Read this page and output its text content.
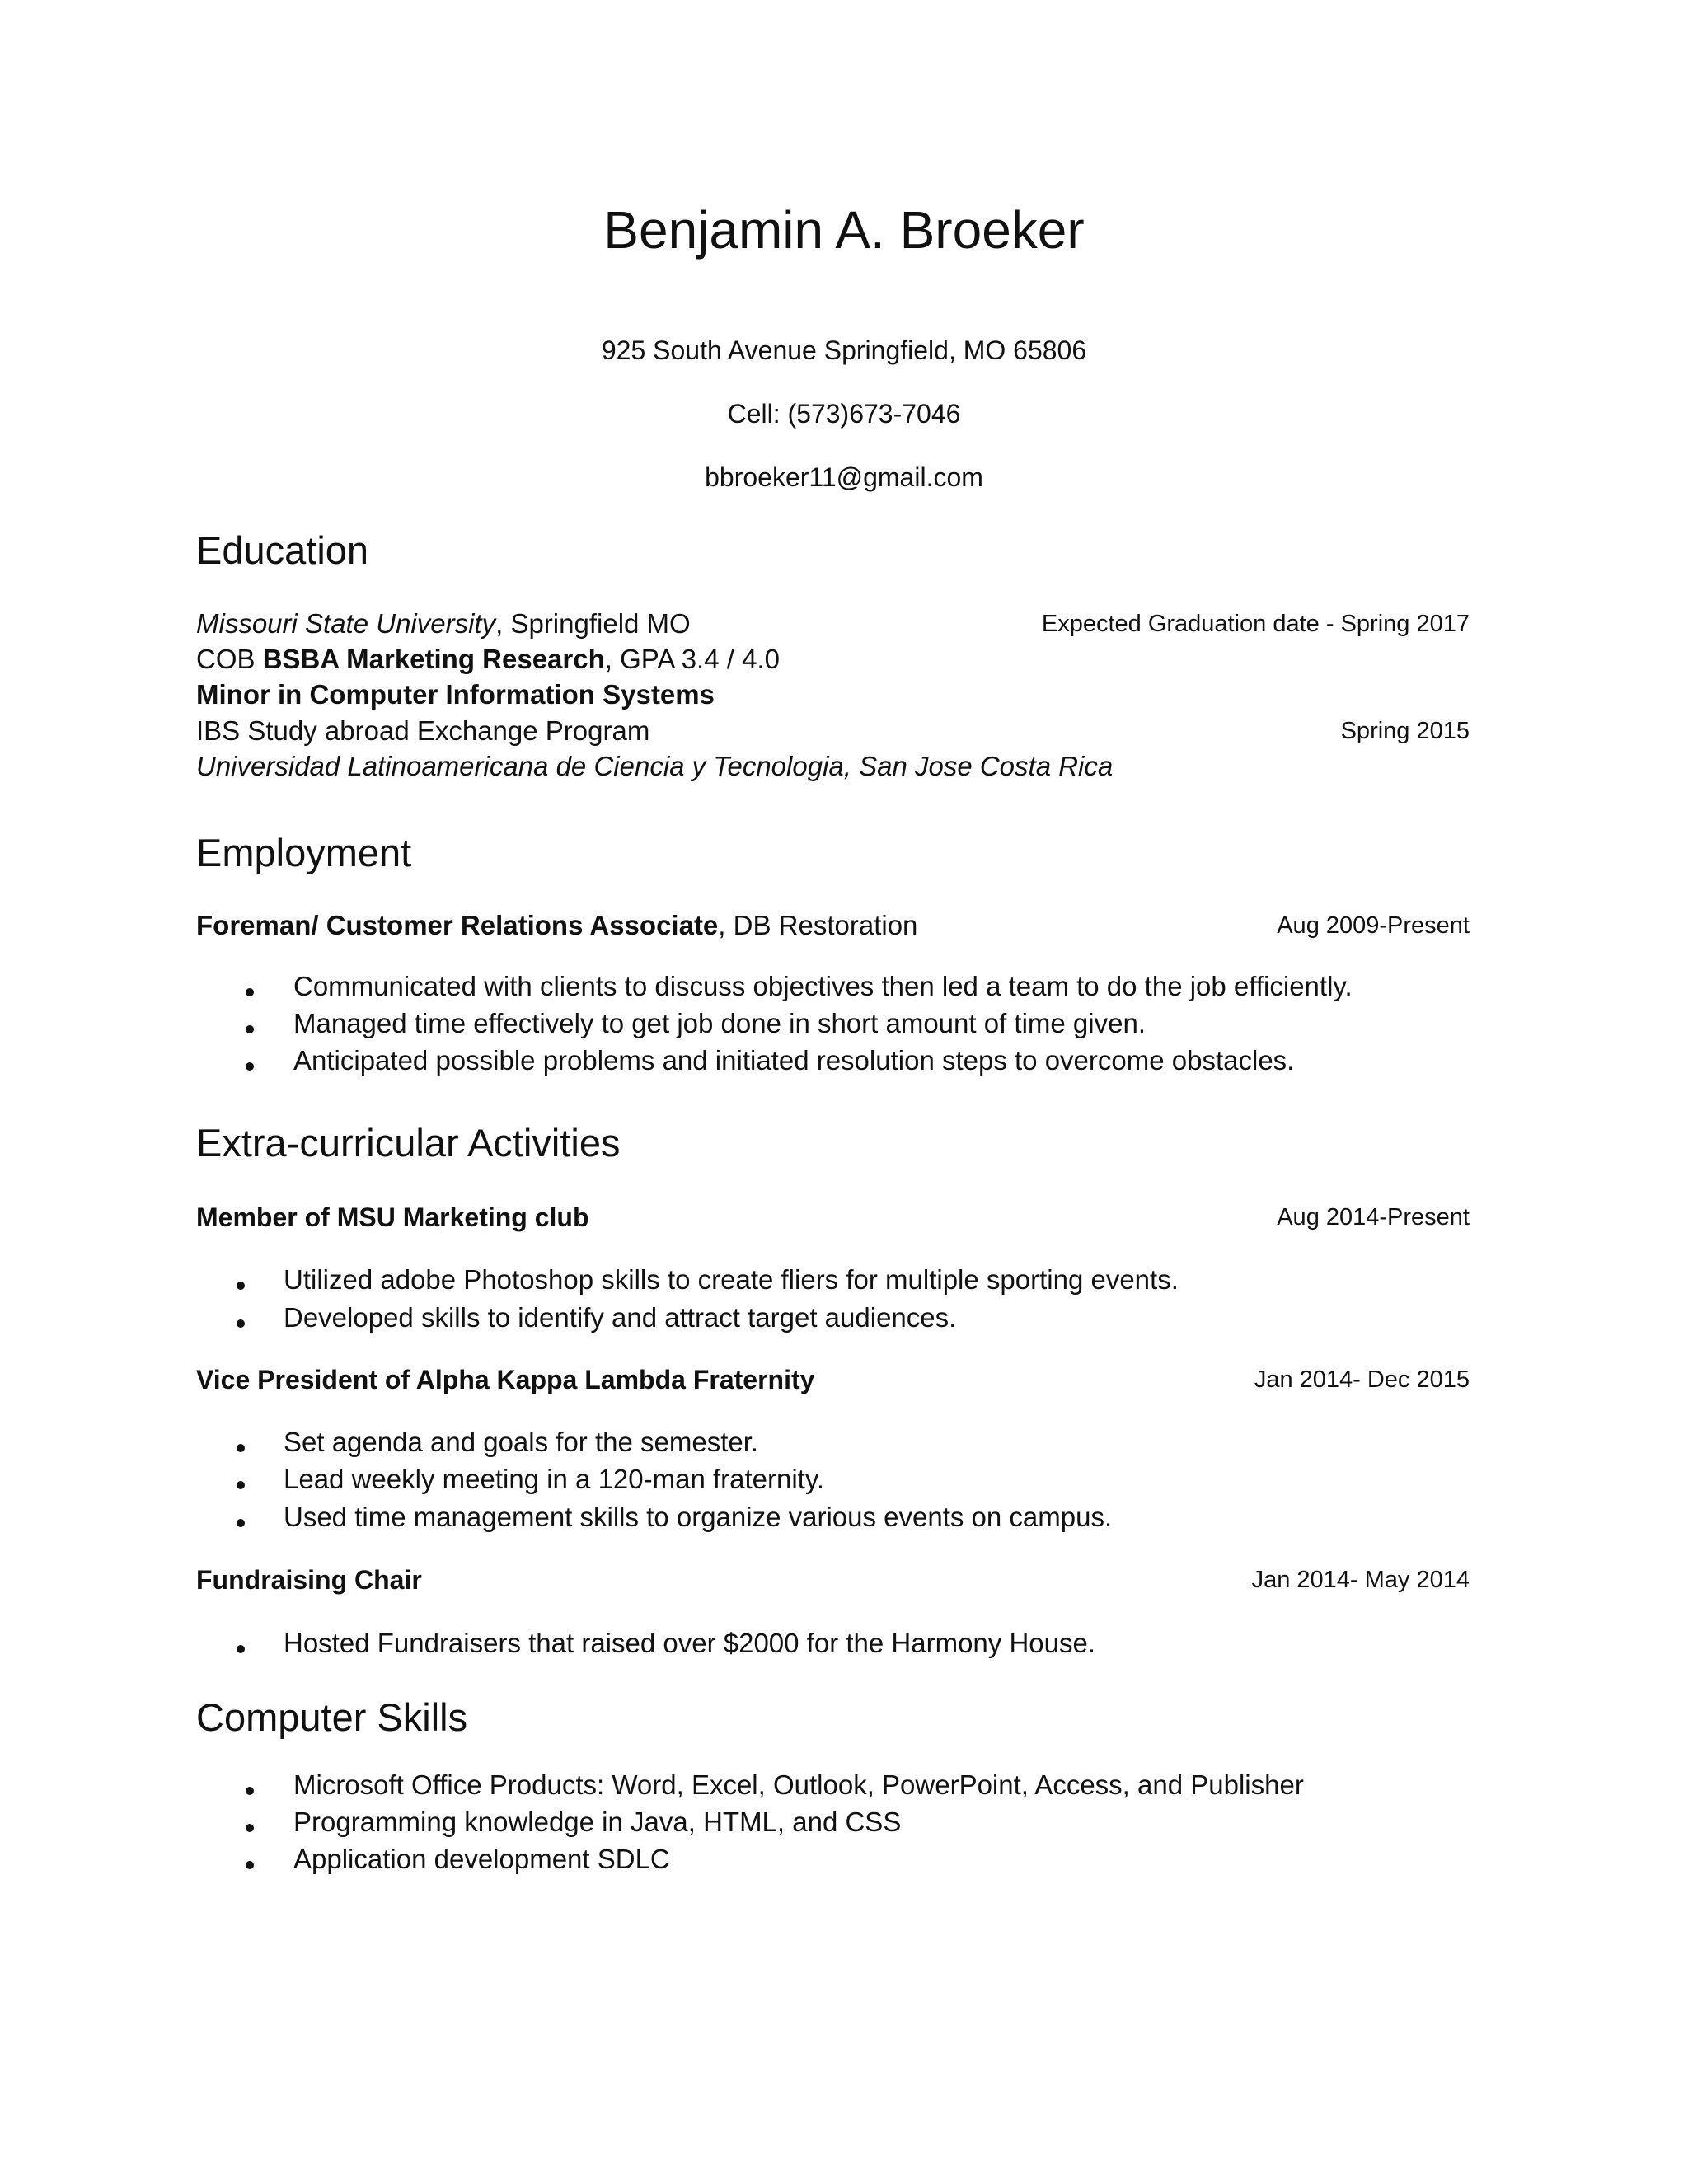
Benjamin A. Broeker
925 South Avenue Springfield, MO 65806
Cell: (573)673-7046
bbroeker11@gmail.com
Education
Missouri State University, Springfield MO	Expected Graduation date - Spring 2017
COB BSBA Marketing Research, GPA 3.4 / 4.0
Minor in Computer Information Systems
IBS Study abroad Exchange Program	Spring 2015
Universidad Latinoamericana de Ciencia y Tecnologia, San Jose Costa Rica
Employment
Foreman/ Customer Relations Associate, DB Restoration	Aug 2009-Present
Communicated with clients to discuss objectives then led a team to do the job efficiently.
Managed time effectively to get job done in short amount of time given.
Anticipated possible problems and initiated resolution steps to overcome obstacles.
Extra-curricular Activities
Member of MSU Marketing club	Aug 2014-Present
Utilized adobe Photoshop skills to create fliers for multiple sporting events.
Developed skills to identify and attract target audiences.
Vice President of Alpha Kappa Lambda Fraternity	Jan 2014- Dec 2015
Set agenda and goals for the semester.
Lead weekly meeting in a 120-man fraternity.
Used time management skills to organize various events on campus.
Fundraising Chair	Jan 2014- May 2014
Hosted Fundraisers that raised over $2000 for the Harmony House.
Computer Skills
Microsoft Office Products: Word, Excel, Outlook, PowerPoint, Access, and Publisher
Programming knowledge in Java, HTML, and CSS
Application development SDLC
